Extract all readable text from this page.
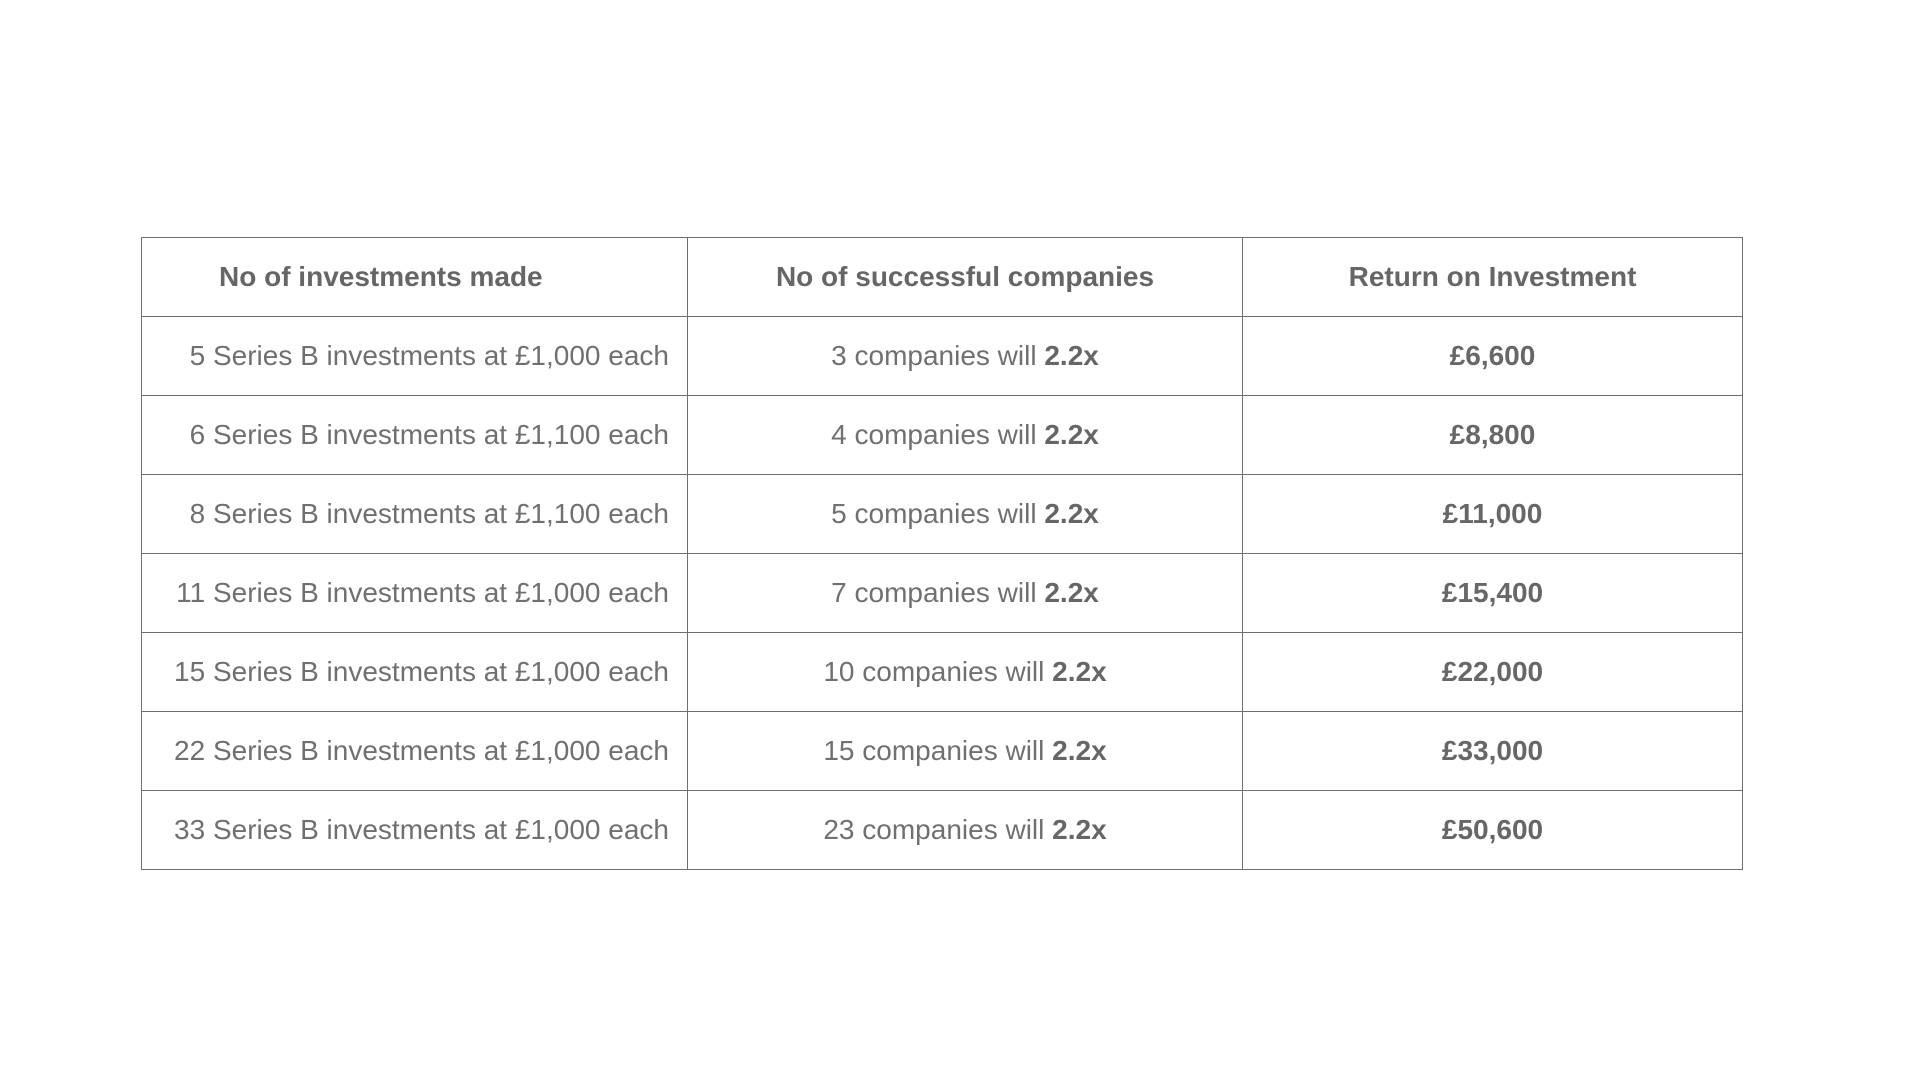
No of investments made	No of successful companies	Return on Investment
5 Series B investments at £1,000 each	3 companies will 2.2x	£6,600
6 Series B investments at £1,100 each	4 companies will 2.2x	£8,800
8 Series B investments at £1,100 each	5 companies will 2.2x	£11,000
11 Series B investments at £1,000 each	7 companies will 2.2x	£15,400
15 Series B investments at £1,000 each	10 companies will 2.2x	£22,000
22 Series B investments at £1,000 each	15 companies will 2.2x	£33,000
33 Series B investments at £1,000 each	23 companies will 2.2x	£50,600
